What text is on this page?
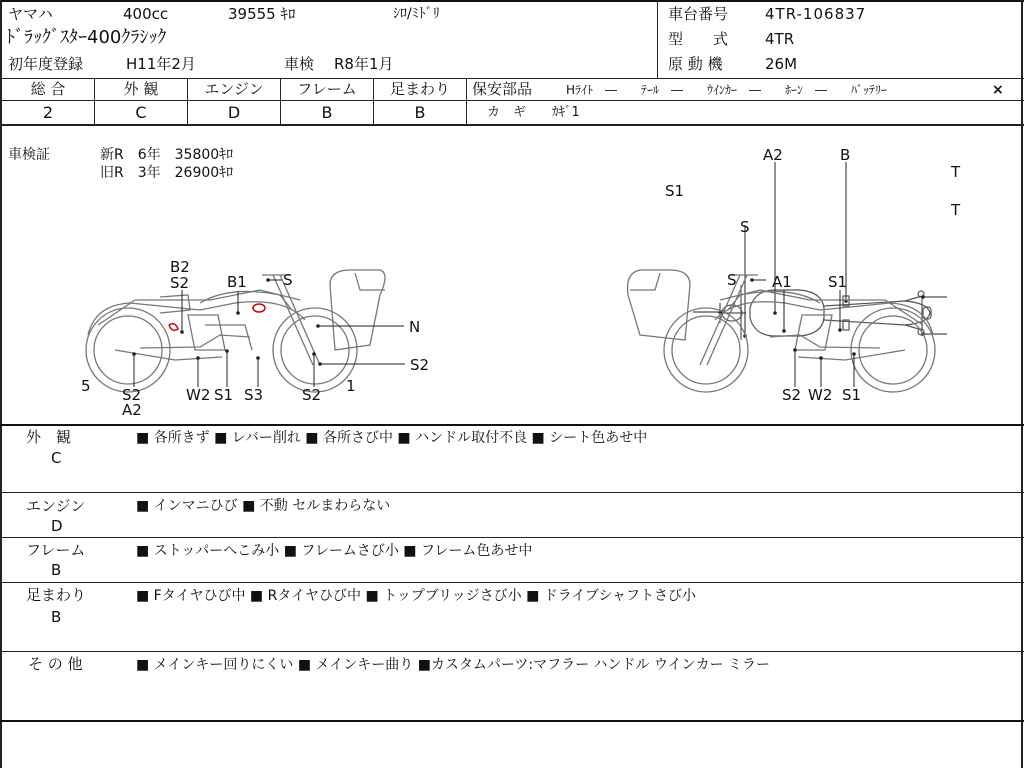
ヤマハ	400cc	39555 ｷﾛ	ｼﾛ/ﾐﾄﾞﾘ
ﾄﾞﾗｯｸﾞｽﾀｰ400ｸﾗｼｯｸ
初年度登録	H11年2月	車検 R8年1月
車台番号 4TR-106837
型　　式 4TR
原 動 機	26M
総 合
2
外 観
C
エンジン
D
フレーム
B
足まわり
B
保安部品	Hﾗｲﾄ　―　　ﾃｰﾙ　―　　ｳｲﾝｶｰ　―　　ﾎｰﾝ　―　　ﾊﾞｯﾃﾘｰ	×
カ　ギ　　ｶｷﾞ1
車検証	新R　6年　35800ｷﾛ
旧R　3年　26900ｷﾛ
A2	B
S1
T
T
S
B2
S2	B1 S
N
S2
5 S2
A2
W2 S1 S3	S2 1
S A1 S1
S2 W2 S1
外　観
C
■ 各所きず ■ レバー削れ ■ 各所さび中 ■ ハンドル取付不良 ■ シート色あせ中
エンジン
D
■ インマニひび ■ 不動 セルまわらない
フレーム
B
■ ストッパーへこみ小 ■ フレームさび小 ■ フレーム色あせ中
足まわり
B
■ Fタイヤひび中 ■ Rタイヤひび中 ■ トップブリッジさび小 ■ ドライブシャフトさび小
そ の 他	■ メインキー回りにくい ■ メインキー曲り ■カスタムパーツ:マフラー ハンドル ウインカー ミラー
